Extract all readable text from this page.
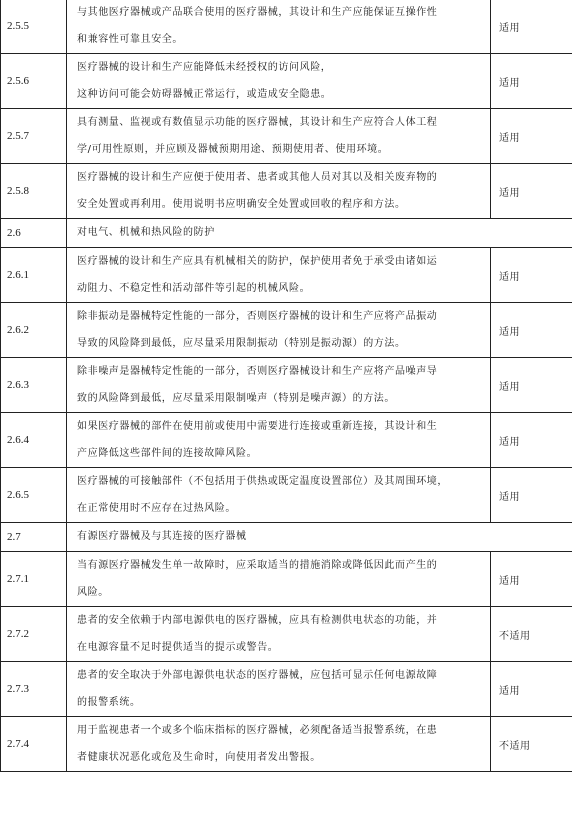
2.5.5	与其他医疗器械或产品联合使用的医疗器械，其设计和生产应能保证互操作性
和兼容性可靠且安全。	适用
2.5.6	医疗器械的设计和生产应能降低未经授权的访问风险，
这种访问可能会妨碍器械正常运行，或造成安全隐患。	适用
2.5.7	具有测量、监视或有数值显示功能的医疗器械，其设计和生产应符合人体工程
学/可用性原则，并应顾及器械预期用途、预期使用者、使用环境。	适用
2.5.8	医疗器械的设计和生产应便于使用者、患者或其他人员对其以及相关废弃物的
安全处置或再利用。使用说明书应明确安全处置或回收的程序和方法。	适用
2.6	对电气、机械和热风险的防护	
2.6.1	医疗器械的设计和生产应具有机械相关的防护，保护使用者免于承受由诸如运
动阻力、不稳定性和活动部件等引起的机械风险。	适用
2.6.2	除非振动是器械特定性能的一部分，否则医疗器械的设计和生产应将产品振动
导致的风险降到最低，应尽量采用限制振动（特别是振动源）的方法。	适用
2.6.3	除非噪声是器械特定性能的一部分，否则医疗器械设计和生产应将产品噪声导
致的风险降到最低，应尽量采用限制噪声（特别是噪声源）的方法。	适用
2.6.4	如果医疗器械的部件在使用前或使用中需要进行连接或重新连接，其设计和生
产应降低这些部件间的连接故障风险。	适用
2.6.5	医疗器械的可接触部件（不包括用于供热或既定温度设置部位）及其周围环境，
在正常使用时不应存在过热风险。	适用
2.7	有源医疗器械及与其连接的医疗器械	
2.7.1	当有源医疗器械发生单一故障时，应采取适当的措施消除或降低因此而产生的
风险。	适用
2.7.2	患者的安全依赖于内部电源供电的医疗器械，应具有检测供电状态的功能，并
在电源容量不足时提供适当的提示或警告。	不适用
2.7.3	患者的安全取决于外部电源供电状态的医疗器械，应包括可显示任何电源故障
的报警系统。	适用
2.7.4	用于监视患者一个或多个临床指标的医疗器械，必须配备适当报警系统，在患
者健康状况恶化或危及生命时，向使用者发出警报。	不适用
